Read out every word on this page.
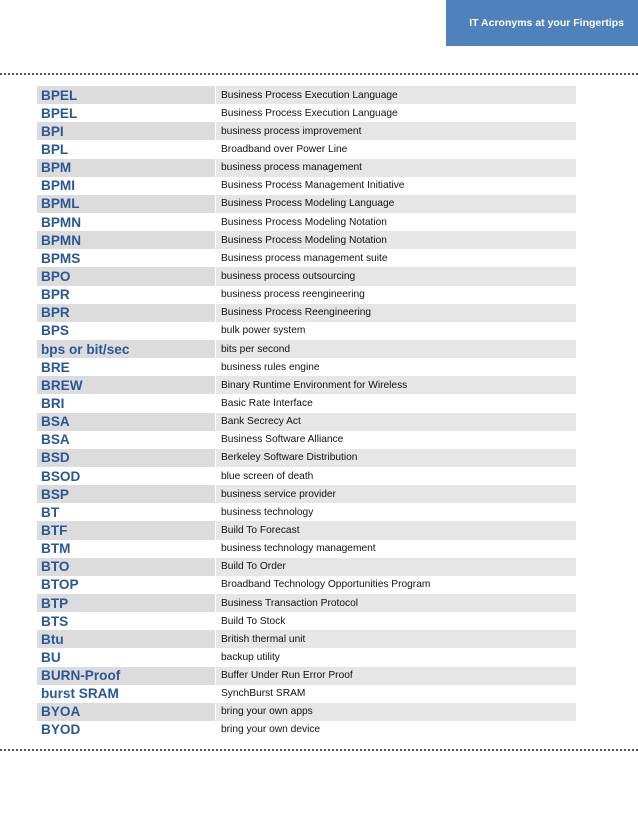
IT Acronyms at your Fingertips
BPEL	Business Process Execution Language
BPEL	Business Process Execution Language
BPI	business process improvement
BPL	Broadband over Power Line
BPM	business process management
BPMI	Business Process Management Initiative
BPML	Business Process Modeling Language
BPMN	Business Process Modeling Notation
BPMN	Business Process Modeling Notation
BPMS	Business process management suite
BPO	business process outsourcing
BPR	business process reengineering
BPR	Business Process Reengineering
BPS	bulk power system
bps or bit/sec	bits per second
BRE	business rules engine
BREW	Binary Runtime Environment for Wireless
BRI	Basic Rate Interface
BSA	Bank Secrecy Act
BSA	Business Software Alliance
BSD	Berkeley Software Distribution
BSOD	blue screen of death
BSP	business service provider
BT	business technology
BTF	Build To Forecast
BTM	business technology management
BTO	Build To Order
BTOP	Broadband Technology Opportunities Program
BTP	Business Transaction Protocol
BTS	Build To Stock
Btu	British thermal unit
BU	backup utility
BURN-Proof	Buffer Under Run Error Proof
burst SRAM	SynchBurst SRAM
BYOA	bring your own apps
BYOD	bring your own device
